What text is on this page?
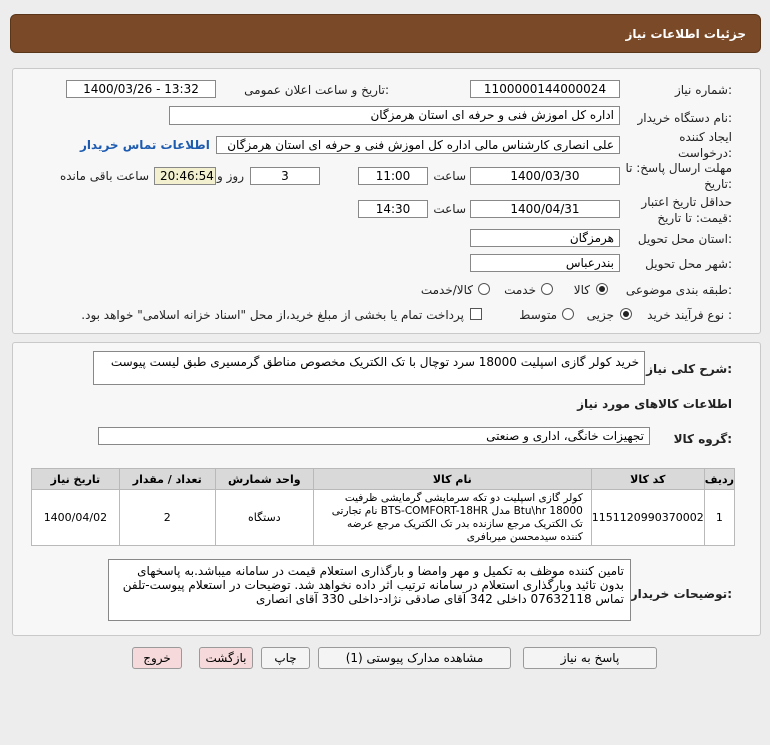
جزئیات اطلاعات نیاز
شماره نیاز:
1100000144000024
تاریخ و ساعت اعلان عمومی:
1400/03/26 - 13:32
نام دستگاه خریدار:
اداره کل اموزش فنی و حرفه ای استان هرمزگان
ایجاد کننده درخواست:
علی انصاری کارشناس مالی اداره کل اموزش فنی و حرفه ای استان هرمزگان
اطلاعات تماس خریدار
مهلت ارسال پاسخ: تا تاریخ:
1400/03/30
ساعت
11:00
3
روز و
20:46:54
ساعت باقی مانده
حداقل تاریخ اعتبار قیمت: تا تاریخ:
1400/04/31
ساعت
14:30
استان محل تحویل:
هرمزگان
شهر محل تحویل:
بندرعباس
طبقه بندی موضوعی:
کالا
خدمت
کالا/خدمت
نوع فرآیند خرید :
جزیی
متوسط
پرداخت تمام یا بخشی از مبلغ خرید،از محل "اسناد خزانه اسلامی" خواهد بود.
شرح کلی نیاز:
خرید کولر گازی اسپلیت 18000 سرد توچال با تک الکتریک مخصوص مناطق گرمسیری طبق لیست پیوست
اطلاعات کالاهای مورد نیاز
گروه کالا:
تجهیزات خانگی، اداری و صنعتی
ردیف	کد کالا	نام کالا	واحد شمارش	تعداد / مقدار	تاریخ نیاز
1	1151120990370002	کولر گازی اسپلیت دو تکه سرمایشی گرمایشی ظرفیت 18000 Btu\hr مدل BTS-COMFORT-18HR نام تجارتی تک الکتریک مرجع سازنده بدر تک الکتریک مرجع عرضه کننده سیدمحسن میربافری	دستگاه	2	1400/04/02
توضیحات خریدار:
تامین کننده موظف به تکمیل و مهر وامضا و بارگذاری استعلام قیمت در سامانه میباشد.به پاسخهای بدون تائید وبارگذاری استعلام در سامانه ترتیب اثر داده نخواهد شد. توضیحات در استعلام پیوست-تلفن تماس 07632118 داخلی 342 آقای صادقی نژاد-داخلی 330 آقای انصاری
پاسخ به نیاز
مشاهده مدارک پیوستی (1)
چاپ
بازگشت
خروج
